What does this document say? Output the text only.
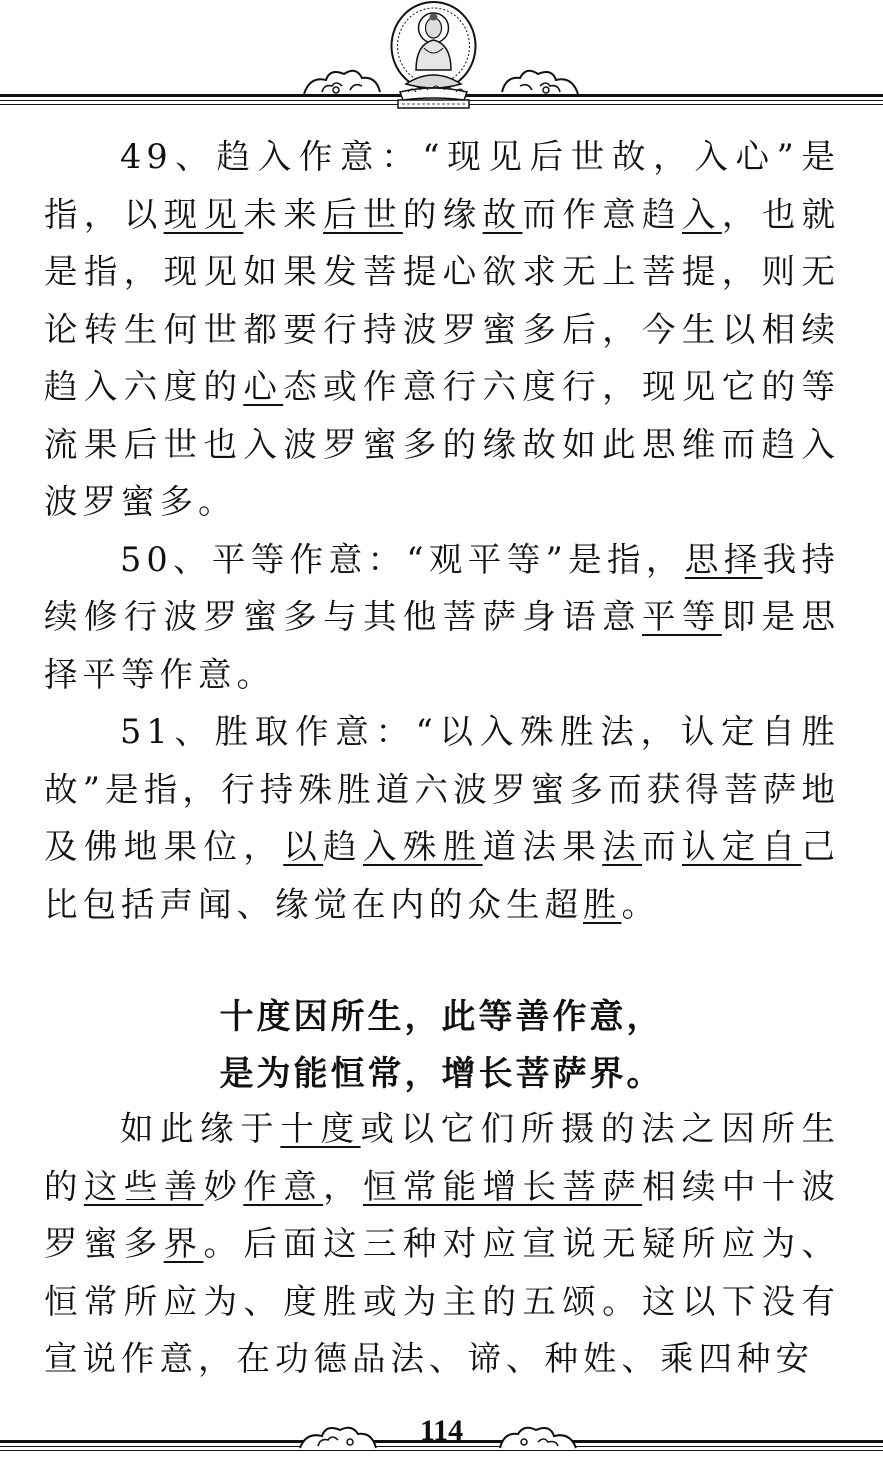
49、趋入作意：“现见后世故，入心”是指，以现见未来后世的缘故而作意趋入，也就是指，现见如果发菩提心欲求无上菩提，则无论转生何世都要行持波罗蜜多后，今生以相续趋入六度的心态或作意行六度行，现见它的等流果后世也入波罗蜜多的缘故如此思维而趋入波罗蜜多。

50、平等作意：“观平等”是指，思择我持续修行波罗蜜多与其他菩萨身语意平等即是思择平等作意。

51、胜取作意：“以入殊胜法，认定自胜故”是指，行持殊胜道六波罗蜜多而获得菩萨地及佛地果位，以趋入殊胜道法果法而认定自己比包括声闻、缘觉在内的众生超胜。

十度因所生，此等善作意，
是为能恒常，增长菩萨界。

如此缘于十度或以它们所摄的法之因所生的这些善妙作意，恒常能增长菩萨相续中十波罗蜜多界。后面这三种对应宣说无疑所应为、恒常所应为、度胜或为主的五颂。这以下没有宣说作意，在功德品法、谛、种姓、乘四种安

114
